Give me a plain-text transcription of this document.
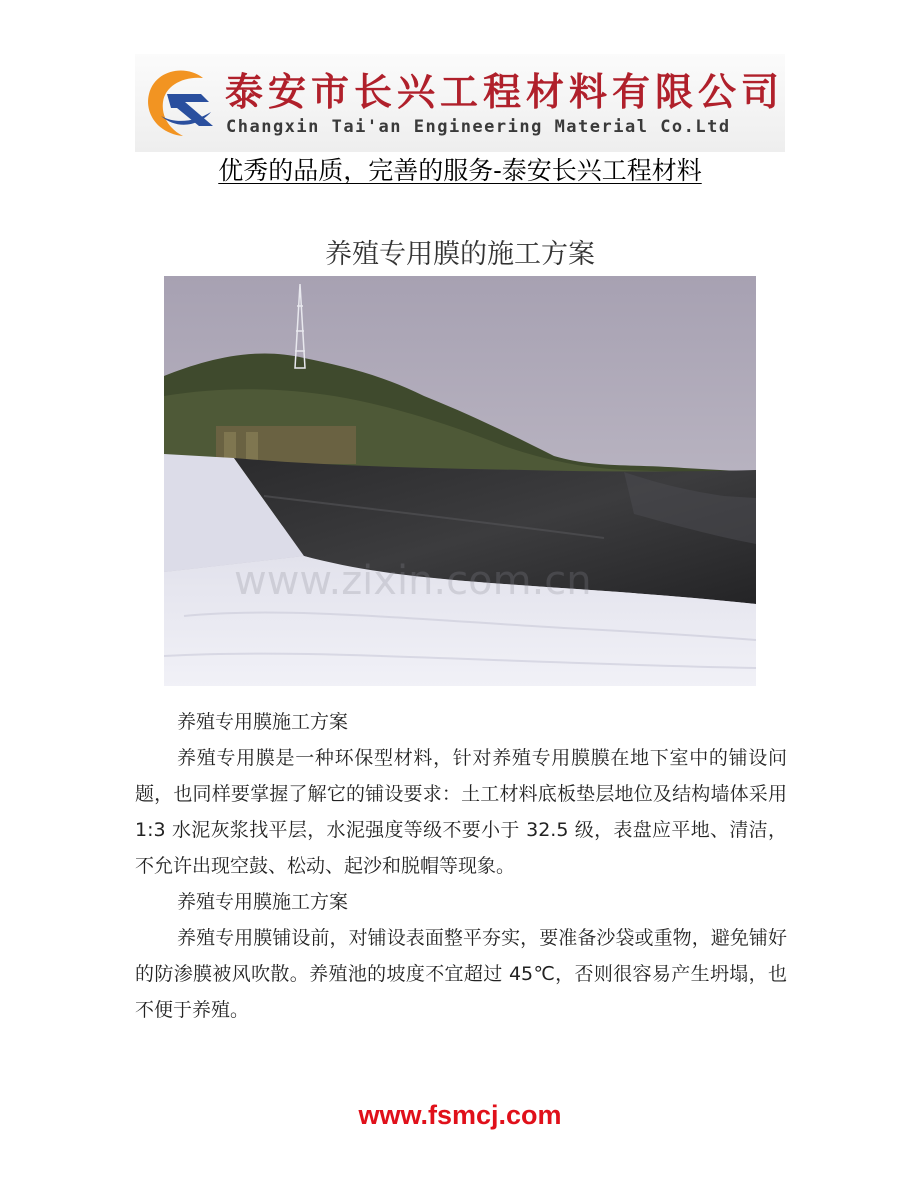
泰安市长兴工程材料有限公司
Changxin Tai'an Engineering Material Co.Ltd
优秀的品质，完善的服务-泰安长兴工程材料
养殖专用膜的施工方案
www.zixin.com.cn

养殖专用膜施工方案

养殖专用膜是一种环保型材料，针对养殖专用膜膜在地下室中的铺设问题，也同样要掌握了解它的铺设要求：土工材料底板垫层地位及结构墙体采用 1:3 水泥灰浆找平层，水泥强度等级不要小于 32.5 级，表盘应平地、清洁，不允许出现空鼓、松动、起沙和脱帽等现象。

养殖专用膜施工方案

养殖专用膜铺设前，对铺设表面整平夯实，要准备沙袋或重物，避免铺好的防渗膜被风吹散。养殖池的坡度不宜超过 45℃，否则很容易产生坍塌，也不便于养殖。

www.fsmcj.com
